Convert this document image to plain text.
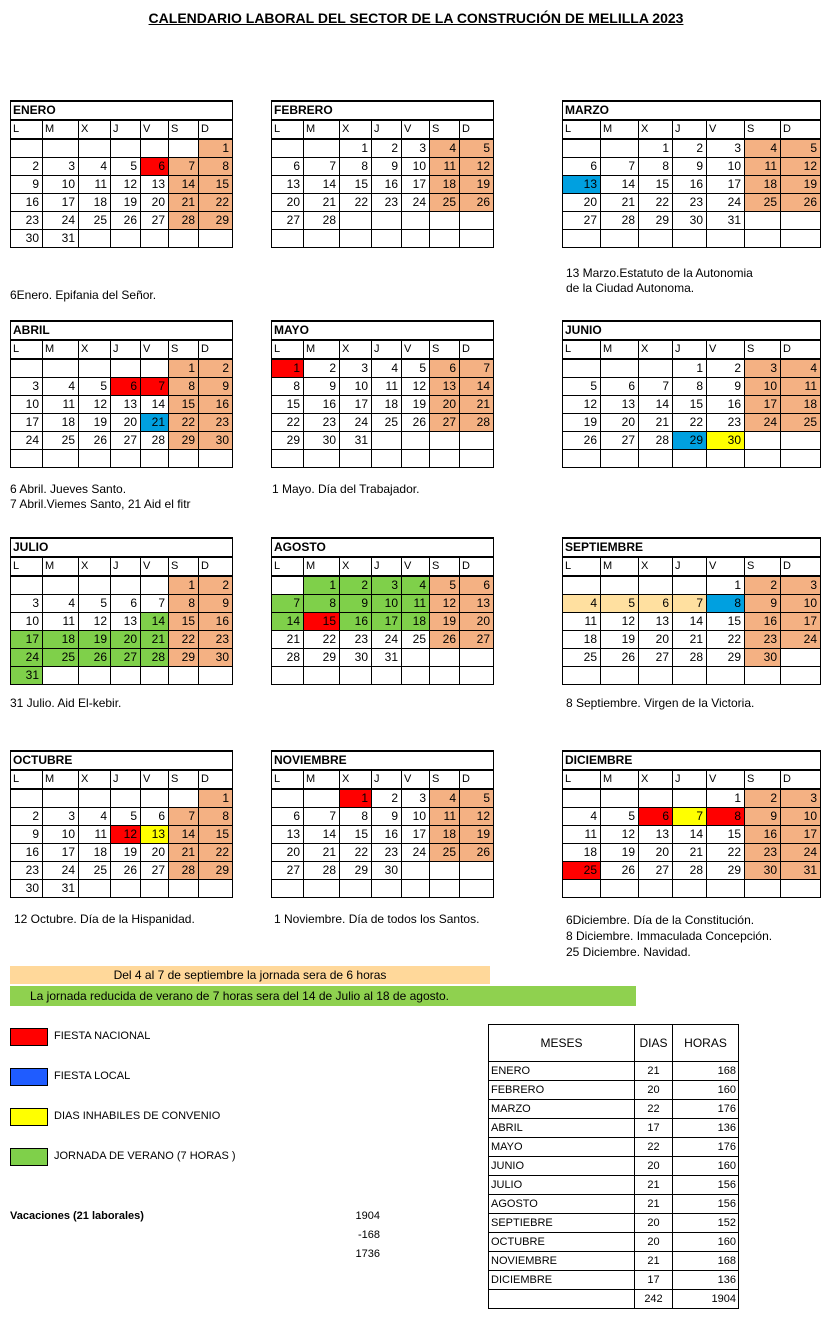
CALENDARIO LABORAL DEL SECTOR DE LA CONSTRUCIÓN DE MELILLA 2023
ENERO						
L	M	X	J	V	S	D
						1
2	3	4	5	6	7	8
9	10	11	12	13	14	15
16	17	18	19	20	21	22
23	24	25	26	27	28	29
30	31					
FEBRERO						
L	M	X	J	V	S	D
		1	2	3	4	5
6	7	8	9	10	11	12
13	14	15	16	17	18	19
20	21	22	23	24	25	26
27	28					

MARZO						
L	M	X	J	V	S	D
		1	2	3	4	5
6	7	8	9	10	11	12
13	14	15	16	17	18	19
20	21	22	23	24	25	26
27	28	29	30	31		

ABRIL						
L	M	X	J	V	S	D
					1	2
3	4	5	6	7	8	9
10	11	12	13	14	15	16
17	18	19	20	21	22	23
24	25	26	27	28	29	30

MAYO						
L	M	X	J	V	S	D
1	2	3	4	5	6	7
8	9	10	11	12	13	14
15	16	17	18	19	20	21
22	23	24	25	26	27	28
29	30	31				

JUNIO						
L	M	X	J	V	S	D
			1	2	3	4
5	6	7	8	9	10	11
12	13	14	15	16	17	18
19	20	21	22	23	24	25
26	27	28	29	30		

JULIO						
L	M	X	J	V	S	D
					1	2
3	4	5	6	7	8	9
10	11	12	13	14	15	16
17	18	19	20	21	22	23
24	25	26	27	28	29	30
31						
AGOSTO						
L	M	X	J	V	S	D
	1	2	3	4	5	6
7	8	9	10	11	12	13
14	15	16	17	18	19	20
21	22	23	24	25	26	27
28	29	30	31			

SEPTIEMBRE						
L	M	X	J	V	S	D
				1	2	3
4	5	6	7	8	9	10
11	12	13	14	15	16	17
18	19	20	21	22	23	24
25	26	27	28	29	30	

OCTUBRE						
L	M	X	J	V	S	D
						1
2	3	4	5	6	7	8
9	10	11	12	13	14	15
16	17	18	19	20	21	22
23	24	25	26	27	28	29
30	31					
NOVIEMBRE						
L	M	X	J	V	S	D
		1	2	3	4	5
6	7	8	9	10	11	12
13	14	15	16	17	18	19
20	21	22	23	24	25	26
27	28	29	30			

DICIEMBRE						
L	M	X	J	V	S	D
				1	2	3
4	5	6	7	8	9	10
11	12	13	14	15	16	17
18	19	20	21	22	23	24
25	26	27	28	29	30	31

6Enero. Epifania del Señor.
13 Marzo.Estatuto de la Autonomia
de la Ciudad Autonoma.
6 Abril. Jueves Santo.
7 Abril.Viemes Santo, 21 Aid el fitr
1 Mayo. Día del Trabajador.
31 Julio. Aid El-kebir.	8 Septiembre. Virgen de la Victoria.
12 Octubre. Día de la Hispanidad.	1 Noviembre. Día de todos los Santos.	6Diciembre. Día de la Constitución.
8 Diciembre. Immaculada Concepción.
25 Diciembre. Navidad.
Del 4 al 7 de septiembre la jornada sera de 6 horas
La jornada reducida de verano de 7 horas sera del 14 de Julio al 18 de agosto.
FIESTA NACIONAL
FIESTA LOCAL
DIAS INHABILES DE CONVENIO
JORNADA DE VERANO (7 HORAS )
Vacaciones (21 laborales)	1904
-168
1736
MESES	DIAS	HORAS
ENERO	21	168
FEBRERO	20	160
MARZO	22	176
ABRIL	17	136
MAYO	22	176
JUNIO	20	160
JULIO	21	156
AGOSTO	21	156
SEPTIEBRE	20	152
OCTUBRE	20	160
NOVIEMBRE	21	168
DICIEMBRE	17	136
	242	1904
